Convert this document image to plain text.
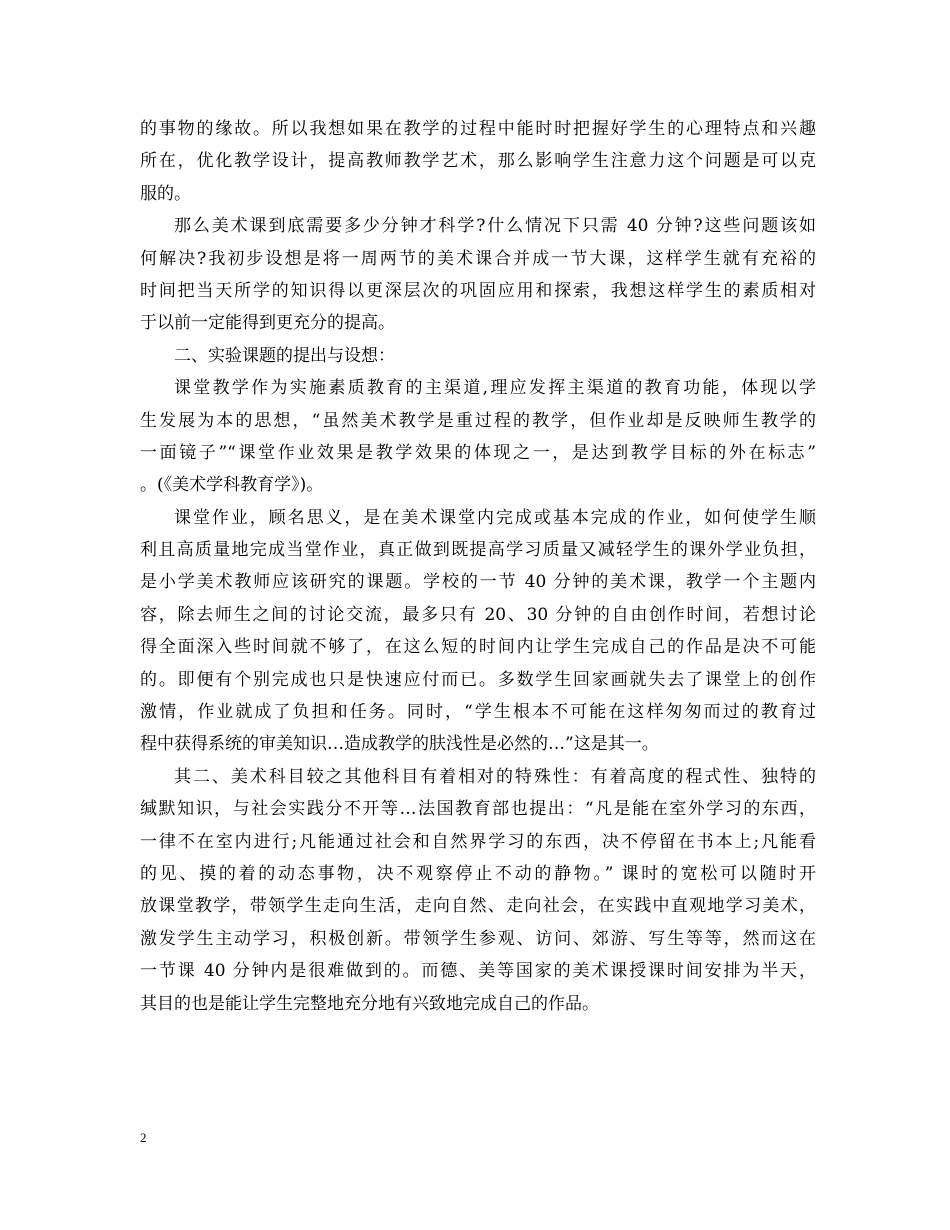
的事物的缘故。所以我想如果在教学的过程中能时时把握好学生的心理特点和兴趣
所在，优化教学设计，提高教师教学艺术，那么影响学生注意力这个问题是可以克
服的。
那么美术课到底需要多少分钟才科学?什么情况下只需 40 分钟?这些问题该如
何解决?我初步设想是将一周两节的美术课合并成一节大课，这样学生就有充裕的
时间把当天所学的知识得以更深层次的巩固应用和探索，我想这样学生的素质相对
于以前一定能得到更充分的提高。
二、实验课题的提出与设想：
课堂教学作为实施素质教育的主渠道,理应发挥主渠道的教育功能，体现以学
生发展为本的思想，“虽然美术教学是重过程的教学，但作业却是反映师生教学的
一面镜子”“课堂作业效果是教学效果的体现之一，是达到教学目标的外在标志”
。(《美术学科教育学》)。
课堂作业，顾名思义，是在美术课堂内完成或基本完成的作业，如何使学生顺
利且高质量地完成当堂作业，真正做到既提高学习质量又减轻学生的课外学业负担，
是小学美术教师应该研究的课题。学校的一节 40 分钟的美术课，教学一个主题内
容，除去师生之间的讨论交流，最多只有 20、30 分钟的自由创作时间，若想讨论
得全面深入些时间就不够了，在这么短的时间内让学生完成自己的作品是决不可能
的。即便有个别完成也只是快速应付而已。多数学生回家画就失去了课堂上的创作
激情，作业就成了负担和任务。同时，“学生根本不可能在这样匆匆而过的教育过
程中获得系统的审美知识…造成教学的肤浅性是必然的…”这是其一。
其二、美术科目较之其他科目有着相对的特殊性：有着高度的程式性、独特的
缄默知识，与社会实践分不开等…法国教育部也提出：“凡是能在室外学习的东西，
一律不在室内进行;凡能通过社会和自然界学习的东西，决不停留在书本上;凡能看
的见、摸的着的动态事物，决不观察停止不动的静物。” 课时的宽松可以随时开
放课堂教学，带领学生走向生活，走向自然、走向社会，在实践中直观地学习美术，
激发学生主动学习，积极创新。带领学生参观、访问、郊游、写生等等，然而这在
一节课 40 分钟内是很难做到的。而德、美等国家的美术课授课时间安排为半天，
其目的也是能让学生完整地充分地有兴致地完成自己的作品。
2
